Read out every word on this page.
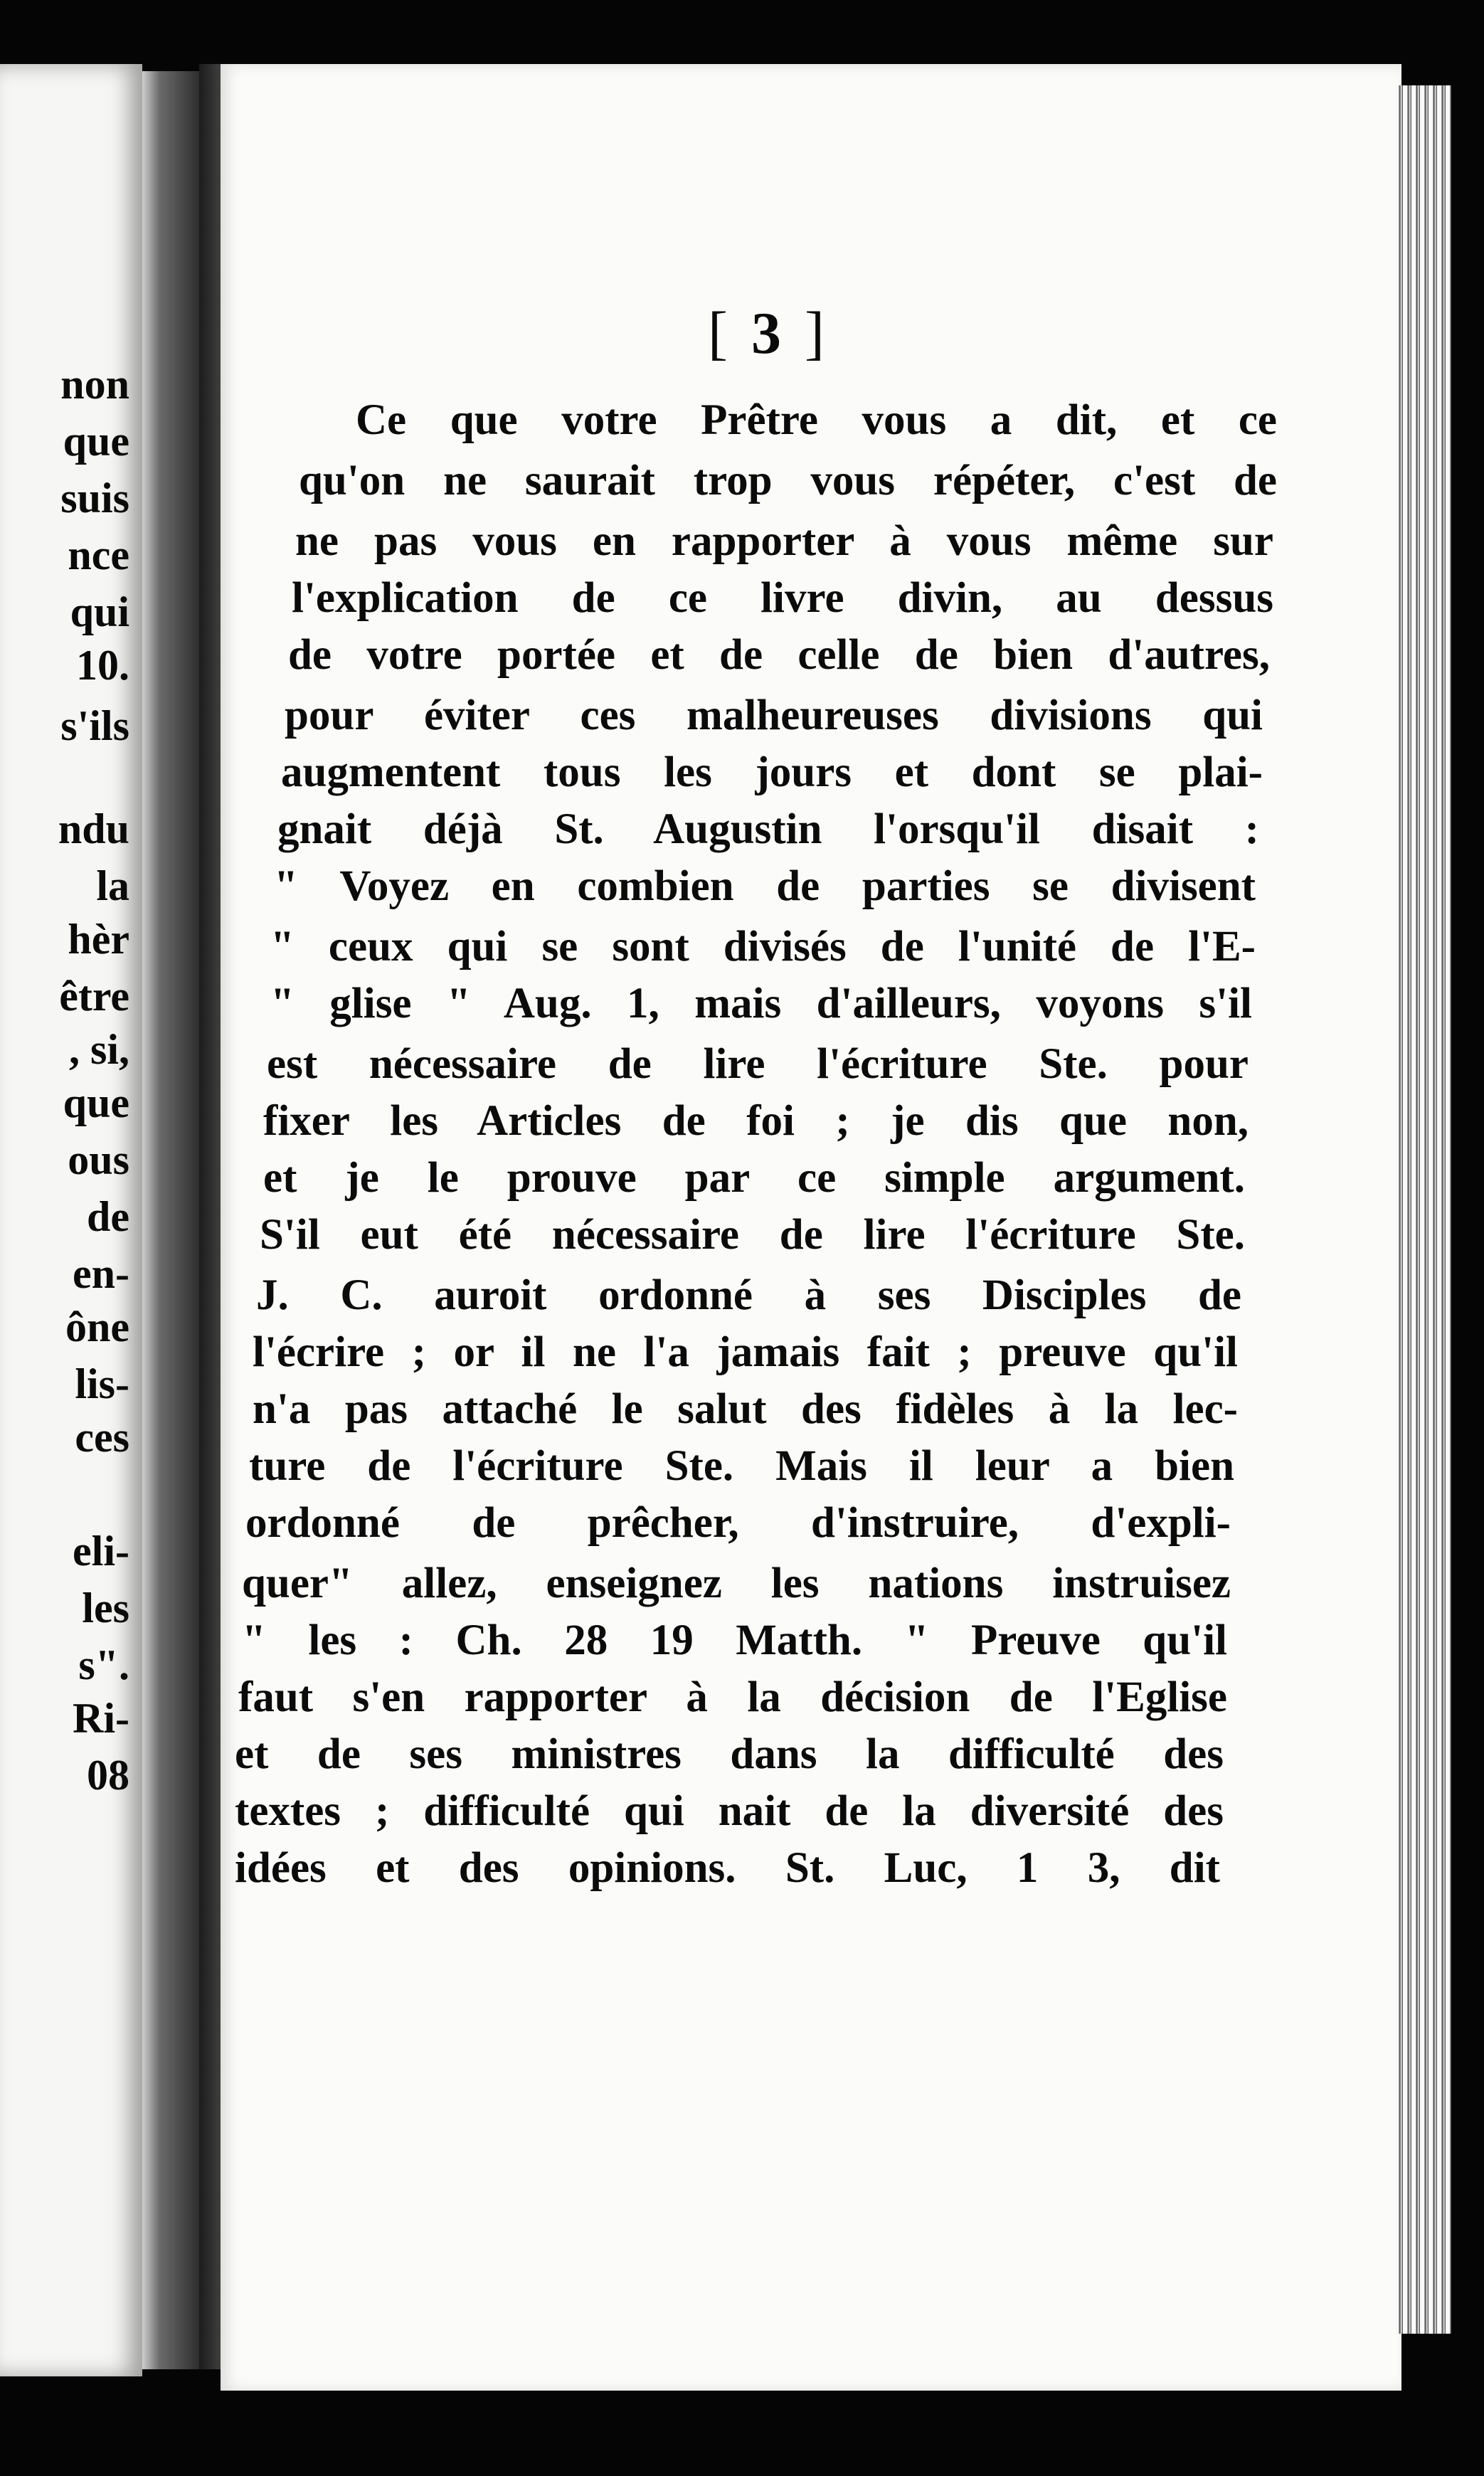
non
que
suis
nce
qui
10.
s'ils
ndu
la
hèr
être
, si,
que
ous
de
en-
ône
lis-
ces
eli-
les
s".
Ri-
08
[ 3 ]
Ce que votre Prêtre vous a dit, et ce
qu'on ne saurait trop vous répéter, c'est de
ne pas vous en rapporter à vous même sur
l'explication de ce livre divin, au dessus
de votre portée et de celle de bien d'autres,
pour éviter ces malheureuses divisions qui
augmentent tous les jours et dont se plai-
gnait déjà St. Augustin l'orsqu'il disait :
" Voyez en combien de parties se divisent
" ceux qui se sont divisés de l'unité de l'E-
" glise " Aug. 1, mais d'ailleurs, voyons s'il
est nécessaire de lire l'écriture Ste. pour
fixer les Articles de foi ; je dis que non,
et je le prouve par ce simple argument.
S'il eut été nécessaire de lire l'écriture Ste.
J. C. auroit ordonné à ses Disciples de
l'écrire ; or il ne l'a jamais fait ; preuve qu'il
n'a pas attaché le salut des fidèles à la lec-
ture de l'écriture Ste. Mais il leur a bien
ordonné de prêcher, d'instruire, d'expli-
quer" allez, enseignez les nations instruisez
" les : Ch. 28 19 Matth. " Preuve qu'il
faut s'en rapporter à la décision de l'Eglise
et de ses ministres dans la difficulté des
textes ; difficulté qui nait de la diversité des
idées et des opinions. St. Luc, 1 3, dit
